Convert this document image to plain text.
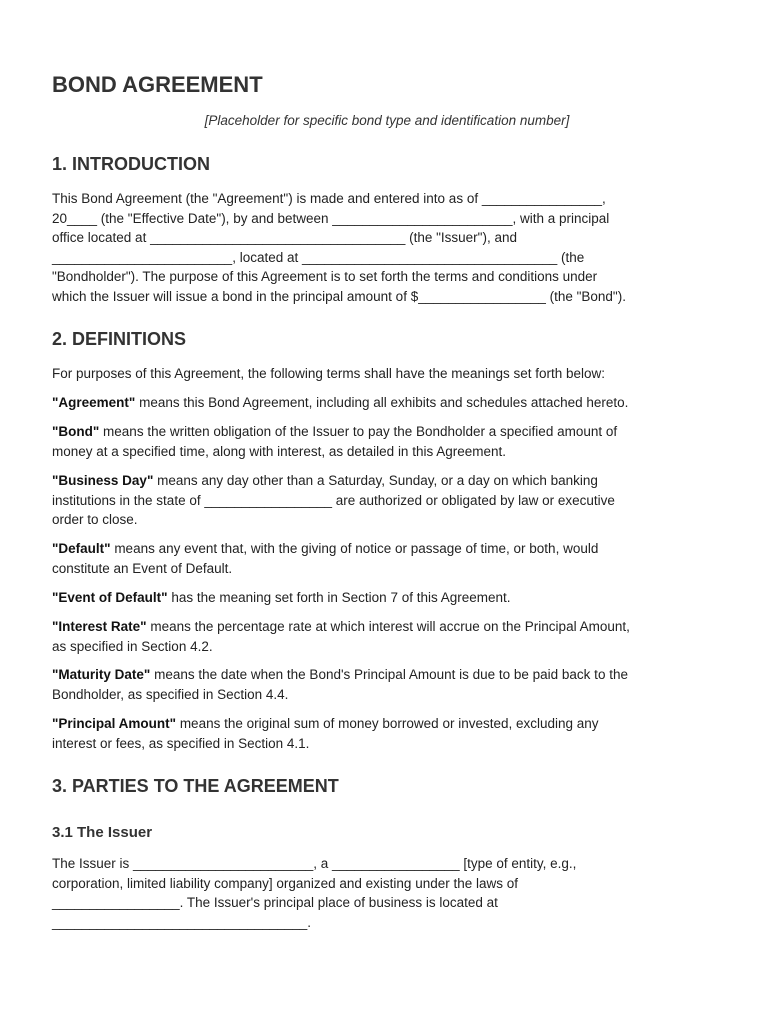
BOND AGREEMENT

[Placeholder for specific bond type and identification number]

1. INTRODUCTION
This Bond Agreement (the "Agreement") is made and entered into as of ________________,
20____ (the "Effective Date"), by and between ________________________, with a principal
office located at __________________________________ (the "Issuer"), and
________________________, located at __________________________________ (the
"Bondholder"). The purpose of this Agreement is to set forth the terms and conditions under
which the Issuer will issue a bond in the principal amount of $_________________ (the "Bond").
2. DEFINITIONS

For purposes of this Agreement, the following terms shall have the meanings set forth below:

"Agreement" means this Bond Agreement, including all exhibits and schedules attached hereto.
"Bond" means the written obligation of the Issuer to pay the Bondholder a specified amount of
money at a specified time, along with interest, as detailed in this Agreement.
"Business Day" means any day other than a Saturday, Sunday, or a day on which banking
institutions in the state of _________________ are authorized or obligated by law or executive
order to close.
"Default" means any event that, with the giving of notice or passage of time, or both, would
constitute an Event of Default.
"Event of Default" has the meaning set forth in Section 7 of this Agreement.
"Interest Rate" means the percentage rate at which interest will accrue on the Principal Amount,
as specified in Section 4.2.
"Maturity Date" means the date when the Bond's Principal Amount is due to be paid back to the
Bondholder, as specified in Section 4.4.
"Principal Amount" means the original sum of money borrowed or invested, excluding any
interest or fees, as specified in Section 4.1.
3. PARTIES TO THE AGREEMENT
3.1 The Issuer
The Issuer is ________________________, a _________________ [type of entity, e.g.,
corporation, limited liability company] organized and existing under the laws of
_________________. The Issuer's principal place of business is located at
__________________________________.
